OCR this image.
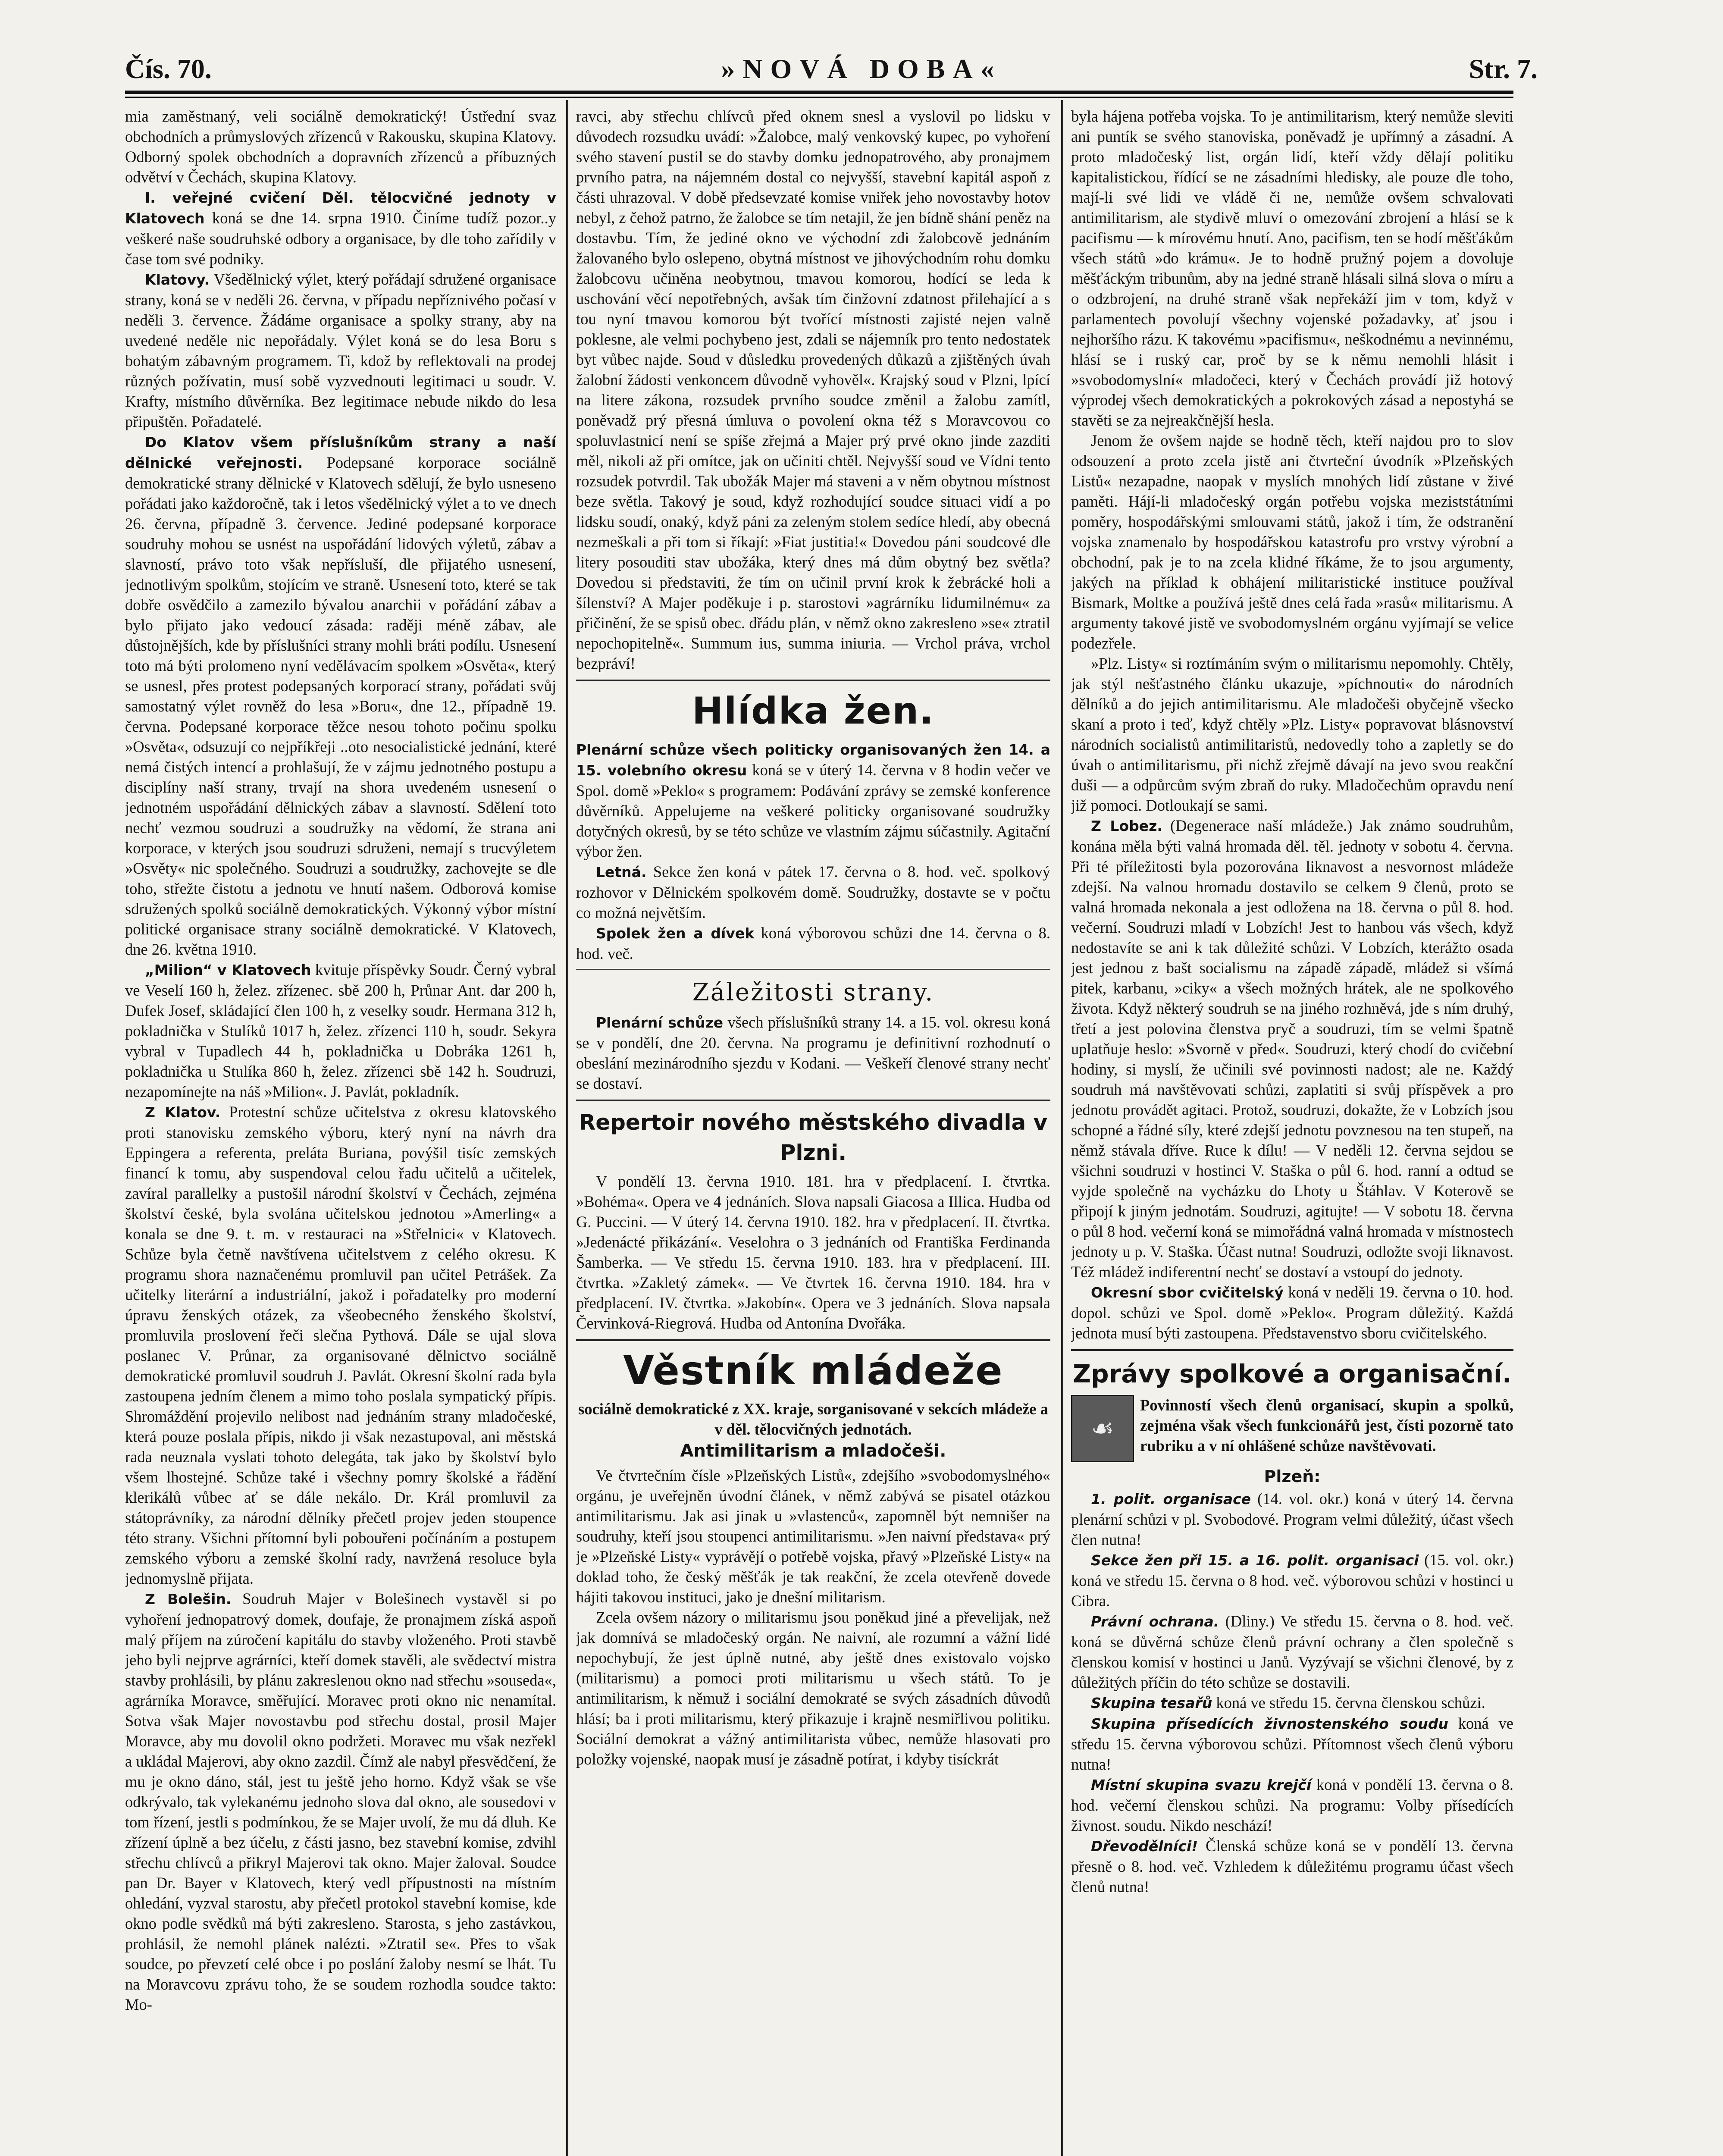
Čís. 70.	»NOVÁ DOBA«	Str. 7.

mia zaměstnaný, veli sociálně demokratický! Ústřední svaz obchodních a průmyslových zřízenců v Rakousku, skupina Klatovy. Odborný spolek obchodních a dopravních zřízenců a příbuzných odvětví v Čechách, skupina Klatovy.

I. veřejné cvičení Děl. tělocvičné jednoty v Klatovech koná se dne 14. srpna 1910. Činíme tudíž pozor..y veškeré naše soudruhské odbory a organisace, by dle toho zařídily v čase tom své podniky.

Klatovy. Všedělnický výlet, který pořádají sdružené organisace strany, koná se v neděli 26. června, v případu nepříznivého počasí v neděli 3. července. Žádáme organisace a spolky strany, aby na uvedené neděle nic nepořádaly. Výlet koná se do lesa Boru s bohatým zábavným programem. Ti, kdož by reflektovali na prodej různých požívatin, musí sobě vyzvednouti legitimaci u soudr. V. Krafty, místního důvěrníka. Bez legitimace nebude nikdo do lesa připuštěn. Pořadatelé.

Do Klatov všem příslušníkům strany a naší dělnické veřejnosti. Podepsané korporace sociálně demokratické strany dělnické v Klatovech sdělují, že bylo usneseno pořádati jako každoročně, tak i letos všedělnický výlet a to ve dnech 26. června, případně 3. července. Jediné podepsané korporace soudruhy mohou se usnést na uspořádání lidových výletů, zábav a slavností, právo toto však nepřísluší, dle přijatého usnesení, jednotlivým spolkům, stojícím ve straně. Usnesení toto, které se tak dobře osvědčilo a zamezilo bývalou anarchii v pořádání zábav a bylo přijato jako vedoucí zásada: raději méně zábav, ale důstojnějších, kde by příslušníci strany mohli bráti podílu. Usnesení toto má býti prolomeno nyní vedělávacím spolkem »Osvěta«, který se usnesl, přes protest podepsaných korporací strany, pořádati svůj samostatný výlet rovněž do lesa »Boru«, dne 12., případně 19. června. Podepsané korporace těžce nesou tohoto počinu spolku »Osvěta«, odsuzují co nejpříkřeji ..oto nesocialistické jednání, které nemá čistých intencí a prohlašují, že v zájmu jednotného postupu a disciplíny naší strany, trvají na shora uvedeném usnesení o jednotném uspořádání dělnických zábav a slavností. Sdělení toto nechť vezmou soudruzi a soudružky na vědomí, že strana ani korporace, v kterých jsou soudruzi sdruženi, nemají s trucvýletem »Osvěty« nic společného. Soudruzi a soudružky, zachovejte se dle toho, střežte čistotu a jednotu ve hnutí našem. Odborová komise sdružených spolků sociálně demokratických. Výkonný výbor místní politické organisace strany sociálně demokratické. V Klatovech, dne 26. května 1910.

„Milion“ v Klatovech kvituje příspěvky Soudr. Černý vybral ve Veselí 160 h, želez. zřízenec. sbě 200 h, Průnar Ant. dar 200 h, Dufek Josef, skládající člen 100 h, z veselky soudr. Hermana 312 h, pokladnička v Stulíků 1017 h, želez. zřízenci 110 h, soudr. Sekyra vybral v Tupadlech 44 h, pokladnička u Dobráka 1261 h, pokladnička u Stulíka 860 h, želez. zřízenci sbě 142 h. Soudruzi, nezapomínejte na náš »Milion«. J. Pavlát, pokladník.

Z Klatov. Protestní schůze učitelstva z okresu klatovského proti stanovisku zemského výboru, který nyní na návrh dra Eppingera a referenta, preláta Buriana, povýšil tisíc zemských financí k tomu, aby suspendoval celou řadu učitelů a učitelek, zavíral parallelky a pustošil národní školství v Čechách, zejména školství české, byla svolána učitelskou jednotou »Amerling« a konala se dne 9. t. m. v restauraci na »Střelnici« v Klatovech. Schůze byla četně navštívena učitelstvem z celého okresu. K programu shora naznačenému promluvil pan učitel Petrášek. Za učitelky literární a industriální, jakož i pořadatelky pro moderní úpravu ženských otázek, za všeobecného ženského školství, promluvila proslovení řeči slečna Pythová. Dále se ujal slova poslanec V. Průnar, za organisované dělnictvo sociálně demokratické promluvil soudruh J. Pavlát. Okresní školní rada byla zastoupena jedním členem a mimo toho poslala sympatický přípis. Shromáždění projevilo nelibost nad jednáním strany mladočeské, která pouze poslala přípis, nikdo ji však nezastupoval, ani městská rada neuznala vyslati tohoto delegáta, tak jako by školství bylo všem lhostejné. Schůze také i všechny pomry školské a řádění klerikálů vůbec ať se dále nekálo. Dr. Král promluvil za státoprávníky, za národní dělníky přečetl projev jeden stoupence této strany. Všichni přítomní byli pobouřeni počínáním a postupem zemského výboru a zemské školní rady, navržená resoluce byla jednomyslně přijata.

Z Bolešin. Soudruh Majer v Bolešinech vystavěl si po vyhoření jednopatrový domek, doufaje, že pronajmem získá aspoň malý příjem na zúročení kapitálu do stavby vloženého. Proti stavbě jeho byli nejprve agrárníci, kteří domek stavěli, ale svědectví mistra stavby prohlásili, by plánu zakreslenou okno nad střechu »souseda«, agrárníka Moravce, směřující. Moravec proti okno nic nenamítal. Sotva však Majer novostavbu pod střechu dostal, prosil Majer Moravce, aby mu dovolil okno podržeti. Moravec mu však nezřekl a ukládal Majerovi, aby okno zazdil. Čímž ale nabyl přesvědčení, že mu je okno dáno, stál, jest tu ještě jeho horno. Když však se vše odkrývalo, tak vylekanému jednoho slova dal okno, ale sousedovi v tom řízení, jestli s podmínkou, že se Majer uvolí, že mu dá dluh. Ke zřízení úplně a bez účelu, z části jasno, bez stavební komise, zdvihl střechu chlívců a přikryl Majerovi tak okno. Majer žaloval. Soudce pan Dr. Bayer v Klatovech, který vedl přípustnosti na místním ohledání, vyzval starostu, aby přečetl protokol stavební komise, kde okno podle svědků má býti zakresleno. Starosta, s jeho zastávkou, prohlásil, že nemohl plánek nalézti. »Ztratil se«. Přes to však soudce, po převzetí celé obce i po poslání žaloby nesmí se lhát. Tu na Moravcovu zprávu toho, že se soudem rozhodla soudce takto: Mo-

ravci, aby střechu chlívců před oknem snesl a vyslovil po lidsku v důvodech rozsudku uvádí: »Žalobce, malý venkovský kupec, po vyhoření svého stavení pustil se do stavby domku jednopatrového, aby pronajmem prvního patra, na nájemném dostal co nejvyšší, stavební kapitál aspoň z části uhrazoval. V době předsevzaté komise vniřek jeho novostavby hotov nebyl, z čehož patrno, že žalobce se tím netajil, že jen bídně shání peněz na dostavbu. Tím, že jediné okno ve východní zdi žalobcově jednáním žalovaného bylo oslepeno, obytná místnost ve jihovýchodním rohu domku žalobcovu učiněna neobytnou, tmavou komorou, hodící se leda k uschování věcí nepotřebných, avšak tím činžovní zdatnost přilehající a s tou nyní tmavou komorou být tvořící místnosti zajisté nejen valně poklesne, ale velmi pochybeno jest, zdali se nájemník pro tento nedostatek byt vůbec najde. Soud v důsledku provedených důkazů a zjištěných úvah žalobní žádosti venkoncem důvodně vyhověl«. Krajský soud v Plzni, lpící na litere zákona, rozsudek prvního soudce změnil a žalobu zamítl, poněvadž prý přesná úmluva o povolení okna též s Moravcovou co spoluvlastnicí není se spíše zřejmá a Majer prý prvé okno jinde zazditi měl, nikoli až při omítce, jak on učiniti chtěl. Nejvyšší soud ve Vídni tento rozsudek potvrdil. Tak ubožák Majer má staveni a v něm obytnou místnost beze světla. Takový je soud, když rozhodující soudce situaci vidí a po lidsku soudí, onaký, když páni za zeleným stolem sedíce hledí, aby obecná nezmeškali a při tom si říkají: »Fiat justitia!« Dovedou páni soudcové dle litery posouditi stav ubožáka, který dnes má dům obytný bez světla? Dovedou si představiti, že tím on učinil první krok k žebrácké holi a šílenství? A Majer poděkuje i p. starostovi »agrárníku lidumilnému« za přičinění, že se spisů obec. dřádu plán, v němž okno zakresleno »se« ztratil nepochopitelně«. Summum ius, summa iniuria. — Vrchol práva, vrchol bezpráví!

Hlídka žen.

Plenární schůze všech politicky organisovaných žen 14. a 15. volebního okresu koná se v úterý 14. června v 8 hodin večer ve Spol. domě »Peklo« s programem: Podávání zprávy se zemské konference důvěrníků. Appelujeme na veškeré politicky organisované soudružky dotyčných okresů, by se této schůze ve vlastním zájmu súčastnily. Agitační výbor žen.

Letná. Sekce žen koná v pátek 17. června o 8. hod. več. spolkový rozhovor v Dělnickém spolkovém domě. Soudružky, dostavte se v počtu co možná největším.

Spolek žen a dívek koná výborovou schůzi dne 14. června o 8. hod. več.

Záležitosti strany.

Plenární schůze všech příslušníků strany 14. a 15. vol. okresu koná se v pondělí, dne 20. června. Na programu je definitivní rozhodnutí o obeslání mezinárodního sjezdu v Kodani. — Veškeří členové strany nechť se dostaví.

Repertoir nového městského divadla v Plzni.

V pondělí 13. června 1910. 181. hra v předplacení. I. čtvrtka. »Bohéma«. Opera ve 4 jednáních. Slova napsali Giacosa a Illica. Hudba od G. Puccini. — V úterý 14. června 1910. 182. hra v předplacení. II. čtvrtka. »Jedenácté přikázání«. Veselohra o 3 jednáních od Františka Ferdinanda Šamberka. — Ve středu 15. června 1910. 183. hra v předplacení. III. čtvrtka. »Zakletý zámek«. — Ve čtvrtek 16. června 1910. 184. hra v předplacení. IV. čtvrtka. »Jakobín«. Opera ve 3 jednáních. Slova napsala Červinková-Riegrová. Hudba od Antonína Dvořáka.

Věstník mládeže

sociálně demokratické z XX. kraje, sorganisované v sekcích mládeže a v děl. tělocvičných jednotách.

Antimilitarism a mladočeši.

Ve čtvrtečním čísle »Plzeňských Listů«, zdejšího »svobodomyslného« orgánu, je uveřejněn úvodní článek, v němž zabývá se pisatel otázkou antimilitarismu. Jak asi jinak u »vlastenců«, zapomněl být nemnišer na soudruhy, kteří jsou stoupenci antimilitarismu. »Jen naivní představa« prý je »Plzeňské Listy« vyprávějí o potřebě vojska, přavý »Plzeňské Listy« na doklad toho, že český měšťák je tak reakční, že zcela otevřeně dovede hájiti takovou instituci, jako je dnešní militarism.

Zcela ovšem názory o militarismu jsou poněkud jiné a převelijak, než jak domnívá se mladočeský orgán. Ne naivní, ale rozumní a vážní lidé nepochybují, že jest úplně nutné, aby ještě dnes existovalo vojsko (militarismu) a pomoci proti militarismu u všech států. To je antimilitarism, k němuž i sociální demokraté se svých zásadních důvodů hlásí; ba i proti militarismu, který přikazuje i krajně nesmiřlivou politiku. Sociální demokrat a vážný antimilitarista vůbec, nemůže hlasovati pro položky vojenské, naopak musí je zásadně potírat, i kdyby tisíckrát

byla hájena potřeba vojska. To je antimilitarism, který nemůže sleviti ani puntík se svého stanoviska, poněvadž je upřímný a zásadní. A proto mladočeský list, orgán lidí, kteří vždy dělají politiku kapitalistickou, řídící se ne zásadními hledisky, ale pouze dle toho, mají-li své lidi ve vládě či ne, nemůže ovšem schvalovati antimilitarism, ale stydivě mluví o omezování zbrojení a hlásí se k pacifismu — k mírovému hnutí. Ano, pacifism, ten se hodí měšťákům všech států »do krámu«. Je to hodně pružný pojem a dovoluje měšťáckým tribunům, aby na jedné straně hlásali silná slova o míru a o odzbrojení, na druhé straně však nepřekáží jim v tom, když v parlamentech povolují všechny vojenské požadavky, ať jsou i nejhoršího rázu. K takovému »pacifismu«, neškodnému a nevinnému, hlásí se i ruský car, proč by se k němu nemohli hlásit i »svobodomyslní« mladočeci, který v Čechách provádí již hotový výprodej všech demokratických a pokrokových zásad a nepostyhá se stavěti se za nejreakčnější hesla.

Jenom že ovšem najde se hodně těch, kteří najdou pro to slov odsouzení a proto zcela jistě ani čtvrteční úvodník »Plzeňských Listů« nezapadne, naopak v myslích mnohých lidí zůstane v živé paměti. Hájí-li mladočeský orgán potřebu vojska meziststátními poměry, hospodářskými smlouvami států, jakož i tím, že odstranění vojska znamenalo by hospodářskou katastrofu pro vrstvy výrobní a obchodní, pak je to na zcela klidné říkáme, že to jsou argumenty, jakých na příklad k obhájení militaristické instituce používal Bismark, Moltke a používá ještě dnes celá řada »rasů« militarismu. A argumenty takové jistě ve svobodomyslném orgánu vyjímají se velice podezřele.

»Plz. Listy« si roztímáním svým o militarismu nepomohly. Chtěly, jak stýl nešťastného článku ukazuje, »píchnouti« do národních dělníků a do jejich antimilitarismu. Ale mladočeši obyčejně všecko skaní a proto i teď, když chtěly »Plz. Listy« popravovat blásnovství národních socialistů antimilitaristů, nedovedly toho a zapletly se do úvah o antimilitarismu, při nichž zřejmě dávají na jevo svou reakční duši — a odpůrcům svým zbraň do ruky. Mladočechům opravdu není již pomoci. Dotloukají se sami.

Z Lobez. (Degenerace naší mládeže.) Jak známo soudruhům, konána měla býti valná hromada děl. těl. jednoty v sobotu 4. června. Při té příležitosti byla pozorována liknavost a nesvornost mládeže zdejší. Na valnou hromadu dostavilo se celkem 9 členů, proto se valná hromada nekonala a jest odložena na 18. června o půl 8. hod. večerní. Soudruzi mladí v Lobzích! Jest to hanbou vás všech, když nedostavíte se ani k tak důležité schůzi. V Lobzích, kterážto osada jest jednou z bašt socialismu na západě západě, mládež si všímá pitek, karbanu, »ciky« a všech možných hrátek, ale ne spolkového života. Když některý soudruh se na jiného rozhněvá, jde s ním druhý, třetí a jest polovina členstva pryč a soudruzi, tím se velmi špatně uplatňuje heslo: »Svorně v před«. Soudruzi, který chodí do cvičební hodiny, si myslí, že učinili své povinnosti nadost; ale ne. Každý soudruh má navštěvovati schůzi, zaplatiti si svůj příspěvek a pro jednotu provádět agitaci. Protož, soudruzi, dokažte, že v Lobzích jsou schopné a řádné síly, které zdejší jednotu povznesou na ten stupeň, na němž stávala dříve. Ruce k dílu! — V neděli 12. června sejdou se všichni soudruzi v hostinci V. Staška o půl 6. hod. ranní a odtud se vyjde společně na vycházku do Lhoty u Štáhlav. V Koterově se připojí k jiným jednotám. Soudruzi, agitujte! — V sobotu 18. června o půl 8 hod. večerní koná se mimořádná valná hromada v místnostech jednoty u p. V. Staška. Účast nutna! Soudruzi, odložte svoji liknavost. Též mládež indiferentní nechť se dostaví a vstoupí do jednoty.

Okresní sbor cvičitelský koná v neděli 19. června o 10. hod. dopol. schůzi ve Spol. domě »Peklo«. Program důležitý. Každá jednota musí býti zastoupena. Představenstvo sboru cvičitelského.

Zprávy spolkové a organisační.
☙
Povinností všech členů organisací, skupin a spolků, zejména však všech funkcionářů jest, čísti pozorně tato rubriku a v ní ohlášené schůze navštěvovati.
Plzeň:

1. polit. organisace (14. vol. okr.) koná v úterý 14. června plenární schůzi v pl. Svobodové. Program velmi důležitý, účast všech člen nutna!

Sekce žen při 15. a 16. polit. organisaci (15. vol. okr.) koná ve středu 15. června o 8 hod. več. výborovou schůzi v hostinci u Cibra.

Právní ochrana. (Dliny.) Ve středu 15. června o 8. hod. več. koná se důvěrná schůze členů právní ochrany a člen společně s členskou komisí v hostinci u Janů. Vyzývají se všichni členové, by z důležitých příčin do této schůze se dostavili.

Skupina tesařů koná ve středu 15. června členskou schůzi.

Skupina přísedících živnostenského soudu koná ve středu 15. června výborovou schůzi. Přítomnost všech členů výboru nutna!

Místní skupina svazu krejčí koná v pondělí 13. června o 8. hod. večerní členskou schůzi. Na programu: Volby přísedících živnost. soudu. Nikdo neschází!

Dřevodělníci! Členská schůze koná se v pondělí 13. června přesně o 8. hod. več. Vzhledem k důležitému programu účast všech členů nutna!
